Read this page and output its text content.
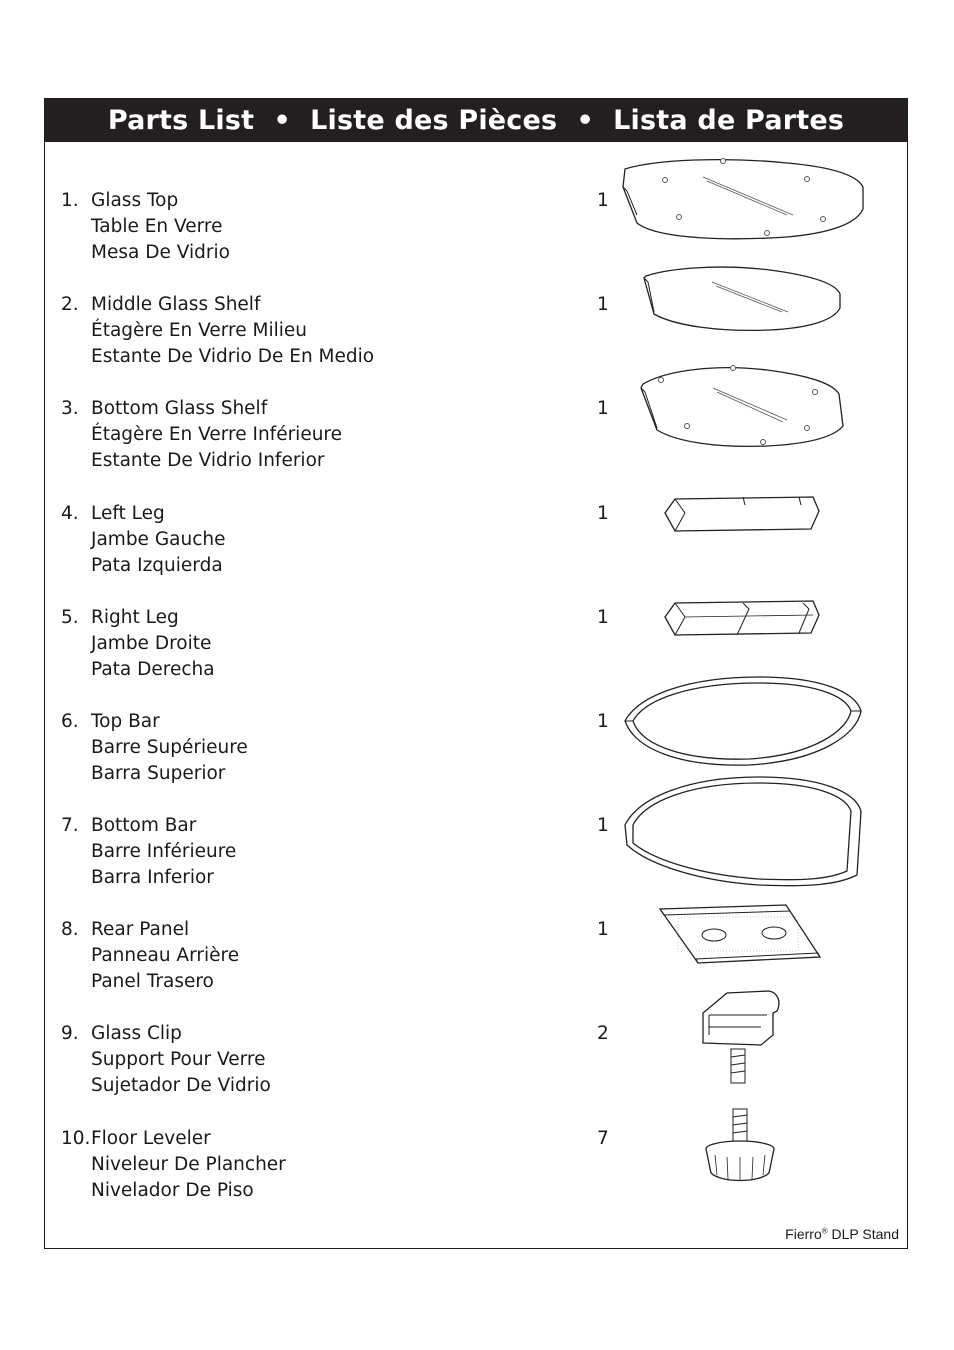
Parts List  •  Liste des Pièces  •  Lista de Partes
1. Glass Top
Table En Verre
Mesa De Vidrio
1
2. Middle Glass Shelf
Étagère En Verre Milieu
Estante De Vidrio De En Medio
1
3. Bottom Glass Shelf
Étagère En Verre Inférieure
Estante De Vidrio Inferior
1
4. Left Leg
Jambe Gauche
Pata Izquierda
1
5. Right Leg
Jambe Droite
Pata Derecha
1
6. Top Bar
Barre Supérieure
Barra Superior
1
7. Bottom Bar
Barre Inférieure
Barra Inferior
1
8. Rear Panel
Panneau Arrière
Panel Trasero
1
9. Glass Clip
Support Pour Verre
Sujetador De Vidrio
2
10. Floor Leveler
Niveleur De Plancher
Nivelador De Piso
7
Fierro® DLP Stand
